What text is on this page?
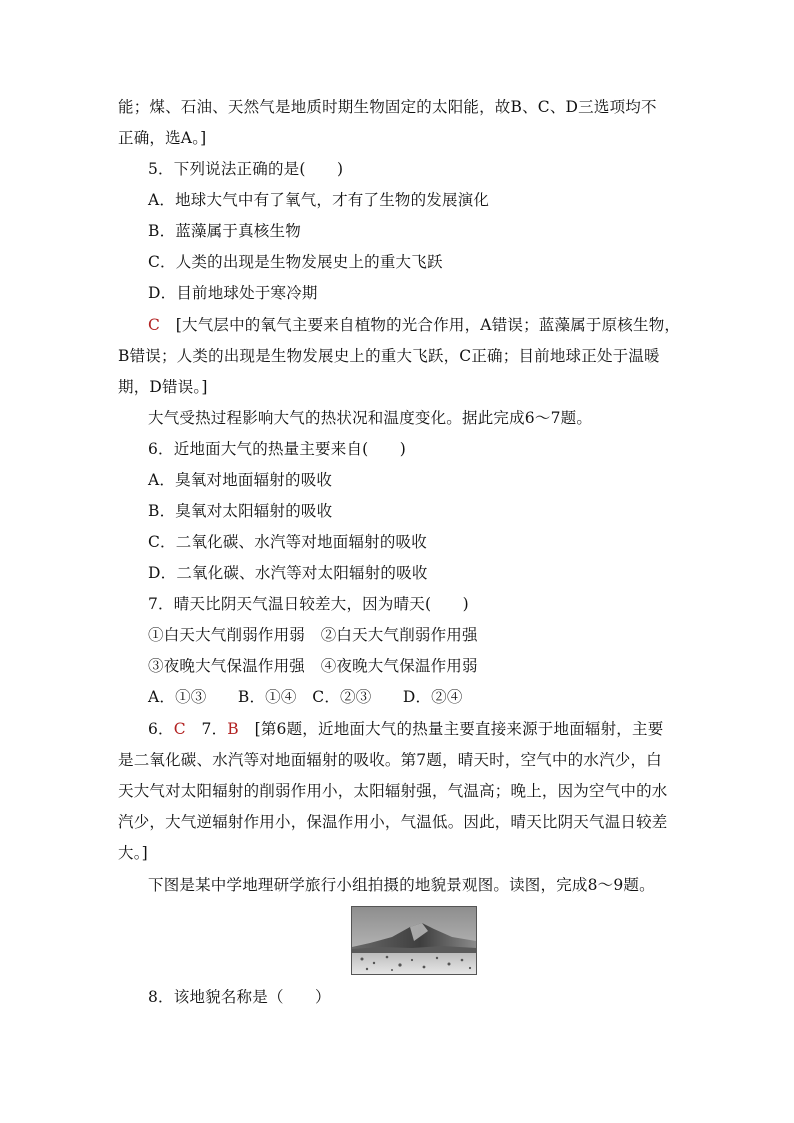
能；煤、石油、天然气是地质时期生物固定的太阳能，故B、C、D三选项均不
正确，选A。]
5．下列说法正确的是(　　)
A．地球大气中有了氧气，才有了生物的发展演化
B．蓝藻属于真核生物
C．人类的出现是生物发展史上的重大飞跃
D．目前地球处于寒冷期
C　[大气层中的氧气主要来自植物的光合作用，A错误；蓝藻属于原核生物，
B错误；人类的出现是生物发展史上的重大飞跃，C正确；目前地球正处于温暖
期，D错误。]
大气受热过程影响大气的热状况和温度变化。据此完成6～7题。
6．近地面大气的热量主要来自(　　)
A．臭氧对地面辐射的吸收
B．臭氧对太阳辐射的吸收
C．二氧化碳、水汽等对地面辐射的吸收
D．二氧化碳、水汽等对太阳辐射的吸收
7．晴天比阴天气温日较差大，因为晴天(　　)
①白天大气削弱作用弱　②白天大气削弱作用强
③夜晚大气保温作用强　④夜晚大气保温作用弱
A．①③　　B．①④　C．②③　　D．②④
6．C　7．B　[第6题，近地面大气的热量主要直接来源于地面辐射，主要
是二氧化碳、水汽等对地面辐射的吸收。第7题，晴天时，空气中的水汽少，白
天大气对太阳辐射的削弱作用小，太阳辐射强，气温高；晚上，因为空气中的水
汽少，大气逆辐射作用小，保温作用小，气温低。因此，晴天比阴天气温日较差
大。]
下图是某中学地理研学旅行小组拍摄的地貌景观图。读图，完成8～9题。
8．该地貌名称是（　　）
